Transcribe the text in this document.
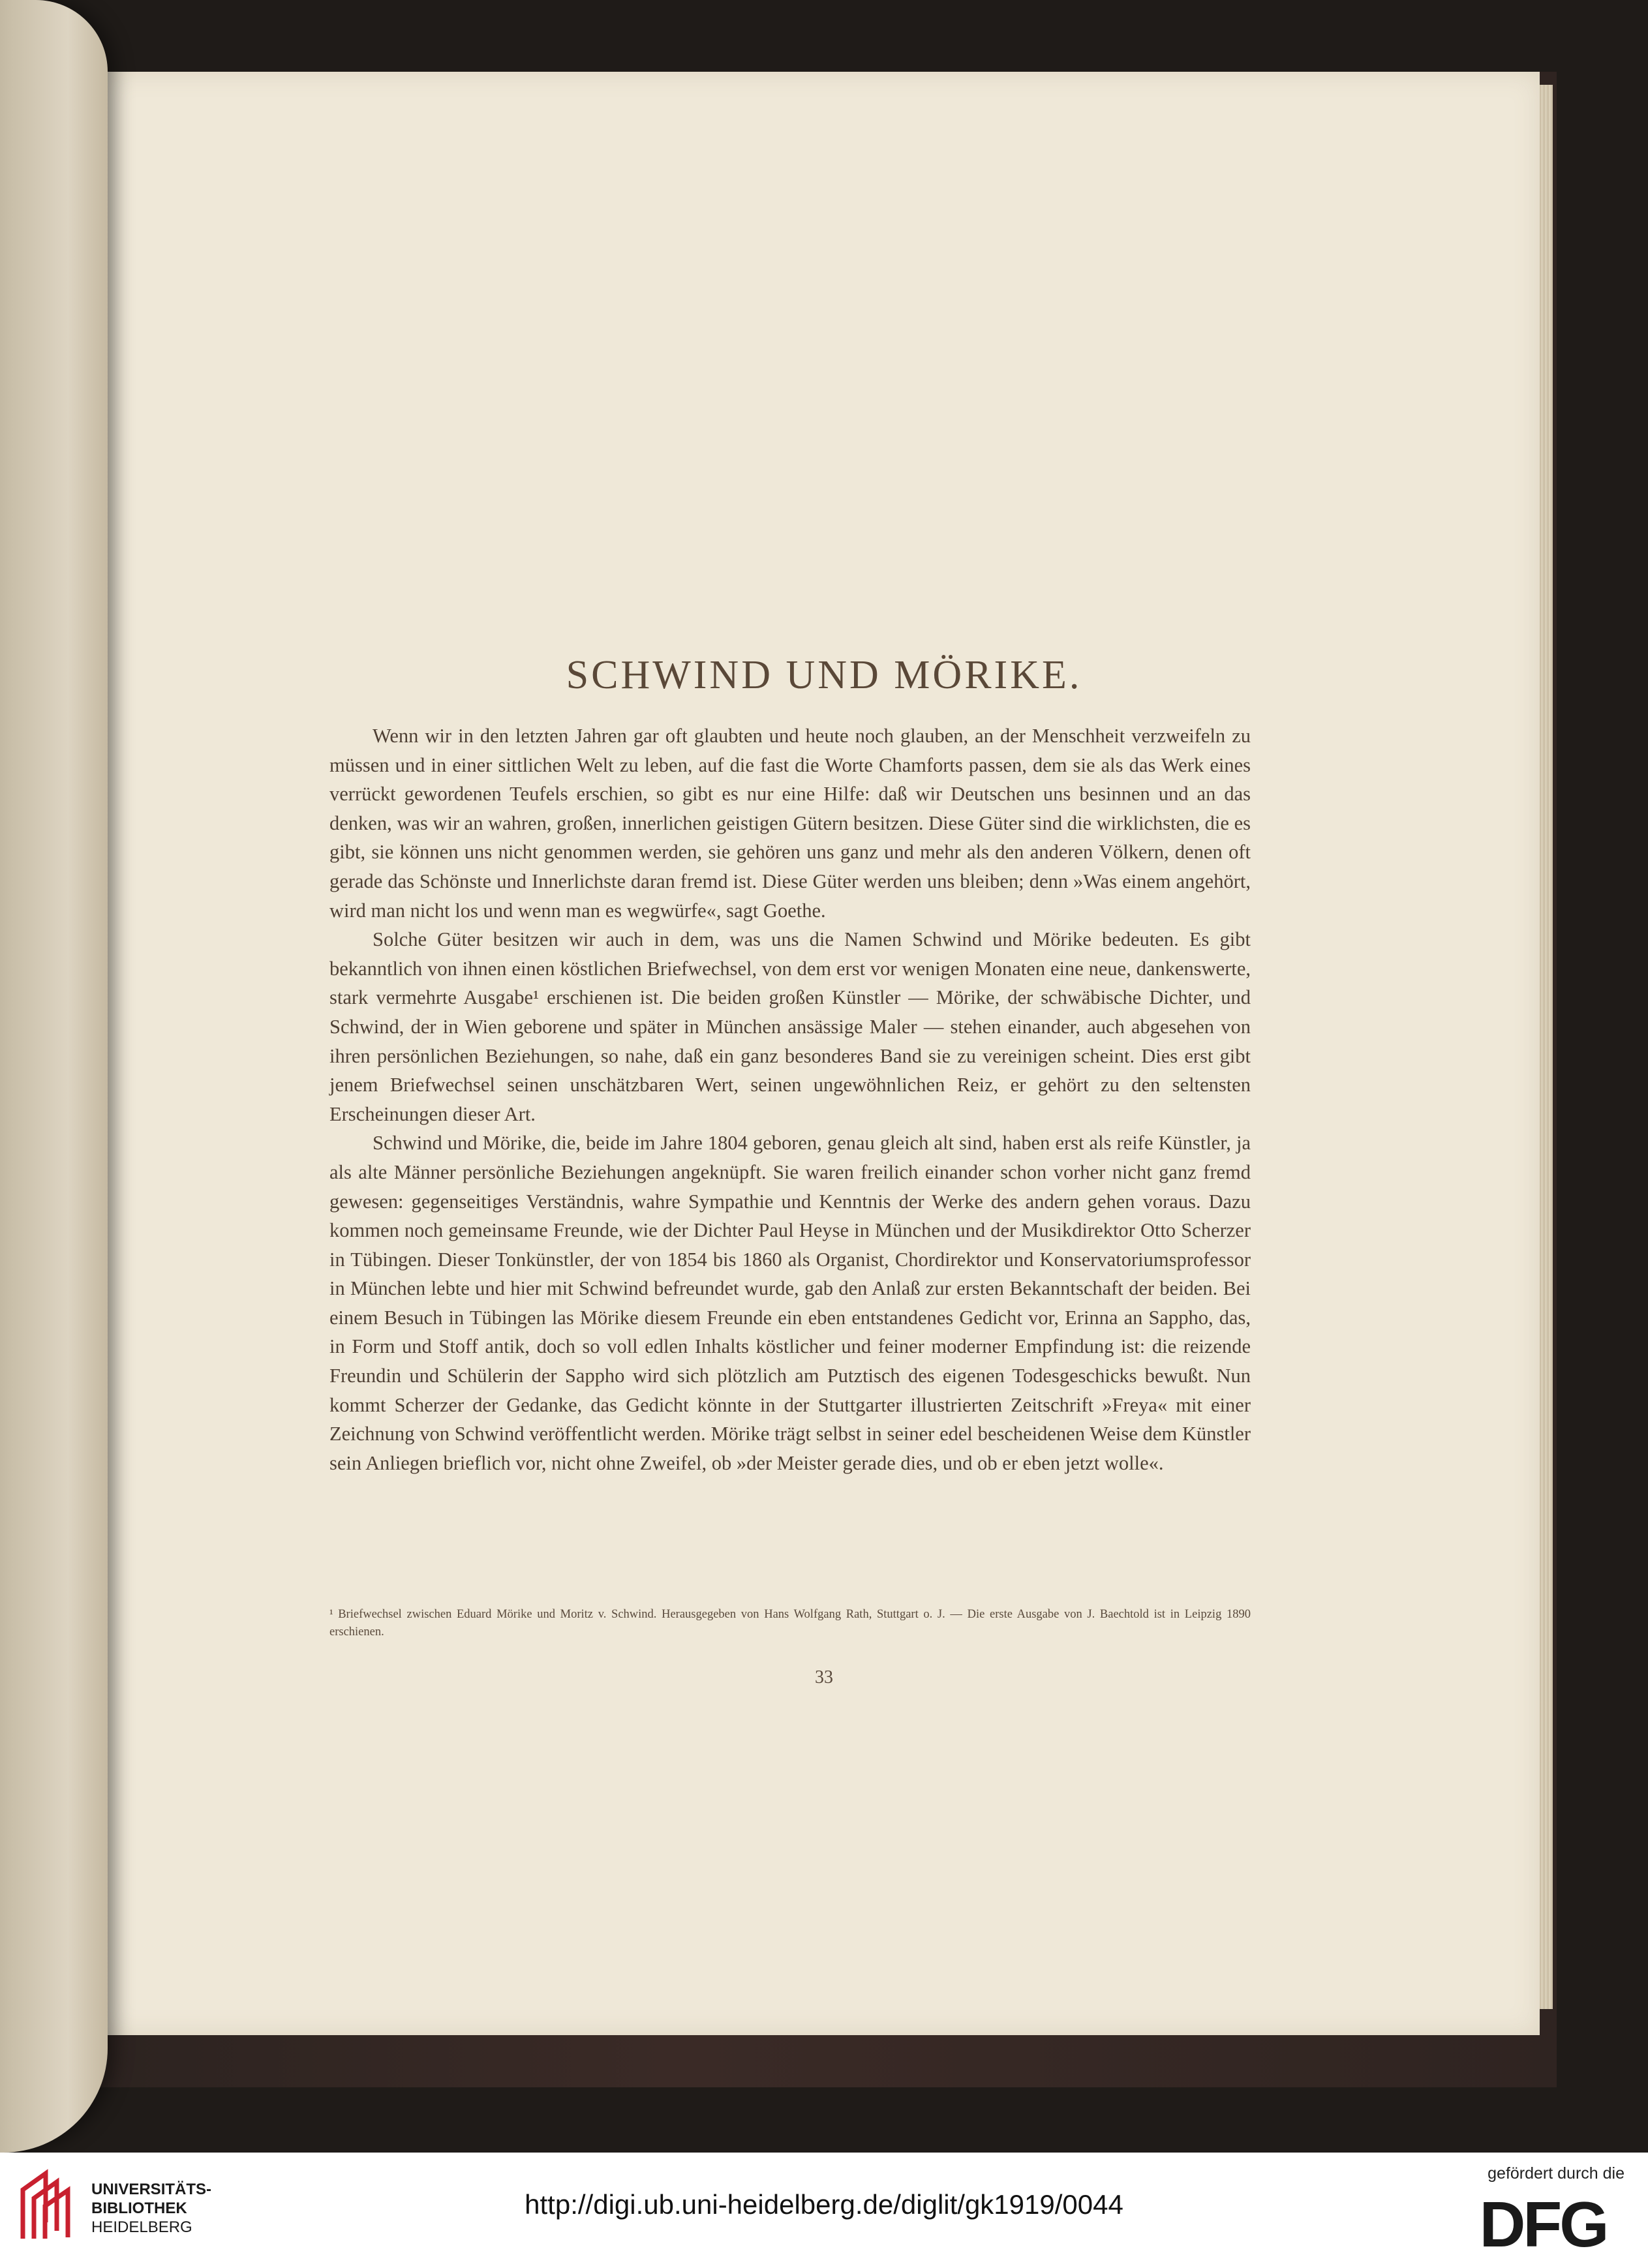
SCHWIND UND MÖRIKE.

Wenn wir in den letzten Jahren gar oft glaubten und heute noch glauben, an der Menschheit verzweifeln zu müssen und in einer sittlichen Welt zu leben, auf die fast die Worte Chamforts passen, dem sie als das Werk eines verrückt gewordenen Teufels erschien, so gibt es nur eine Hilfe: daß wir Deutschen uns besinnen und an das denken, was wir an wahren, großen, innerlichen geistigen Gütern besitzen. Diese Güter sind die wirklichsten, die es gibt, sie können uns nicht genommen werden, sie gehören uns ganz und mehr als den anderen Völkern, denen oft gerade das Schönste und Innerlichste daran fremd ist. Diese Güter werden uns bleiben; denn »Was einem angehört, wird man nicht los und wenn man es wegwürfe«, sagt Goethe.

Solche Güter besitzen wir auch in dem, was uns die Namen Schwind und Mörike bedeuten. Es gibt bekanntlich von ihnen einen köstlichen Briefwechsel, von dem erst vor wenigen Monaten eine neue, dankenswerte, stark vermehrte Ausgabe¹ erschienen ist. Die beiden großen Künstler — Mörike, der schwäbische Dichter, und Schwind, der in Wien geborene und später in München ansässige Maler — stehen einander, auch abgesehen von ihren persönlichen Beziehungen, so nahe, daß ein ganz besonderes Band sie zu vereinigen scheint. Dies erst gibt jenem Briefwechsel seinen unschätzbaren Wert, seinen ungewöhnlichen Reiz, er gehört zu den seltensten Erscheinungen dieser Art.

Schwind und Mörike, die, beide im Jahre 1804 geboren, genau gleich alt sind, haben erst als reife Künstler, ja als alte Männer persönliche Beziehungen angeknüpft. Sie waren freilich einander schon vorher nicht ganz fremd gewesen: gegenseitiges Verständnis, wahre Sympathie und Kenntnis der Werke des andern gehen voraus. Dazu kommen noch gemeinsame Freunde, wie der Dichter Paul Heyse in München und der Musikdirektor Otto Scherzer in Tübingen. Dieser Tonkünstler, der von 1854 bis 1860 als Organist, Chordirektor und Konservatoriumsprofessor in München lebte und hier mit Schwind befreundet wurde, gab den Anlaß zur ersten Bekanntschaft der beiden. Bei einem Besuch in Tübingen las Mörike diesem Freunde ein eben entstandenes Gedicht vor, Erinna an Sappho, das, in Form und Stoff antik, doch so voll edlen Inhalts köstlicher und feiner moderner Empfindung ist: die reizende Freundin und Schülerin der Sappho wird sich plötzlich am Putztisch des eigenen Todesgeschicks bewußt. Nun kommt Scherzer der Gedanke, das Gedicht könnte in der Stuttgarter illustrierten Zeitschrift »Freya« mit einer Zeichnung von Schwind veröffentlicht werden. Mörike trägt selbst in seiner edel bescheidenen Weise dem Künstler sein Anliegen brieflich vor, nicht ohne Zweifel, ob »der Meister gerade dies, und ob er eben jetzt wolle«.

¹ Briefwechsel zwischen Eduard Mörike und Moritz v. Schwind. Herausgegeben von Hans Wolfgang Rath, Stuttgart o. J. — Die erste Ausgabe von J. Baechtold ist in Leipzig 1890 erschienen.
33
UNIVERSITÄTS-
BIBLIOTHEK
HEIDELBERG
http://digi.ub.uni-heidelberg.de/diglit/gk1919/0044
gefördert durch die
DFG
